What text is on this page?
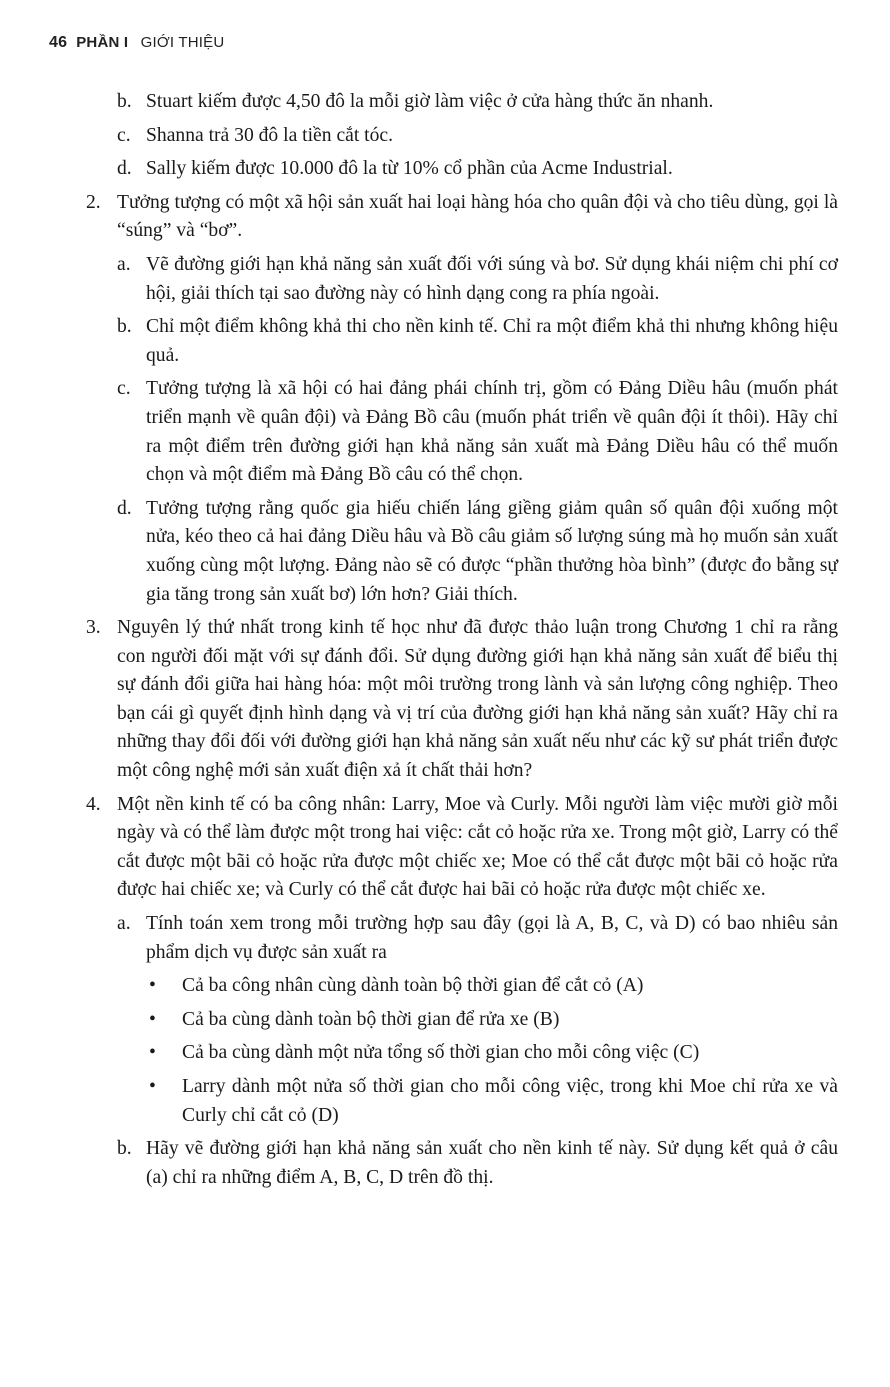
46 PHẦN I GIỚI THIỆU
b. Stuart kiếm được 4,50 đô la mỗi giờ làm việc ở cửa hàng thức ăn nhanh.
c. Shanna trả 30 đô la tiền cắt tóc.
d. Sally kiếm được 10.000 đô la từ 10% cổ phần của Acme Industrial.
2. Tưởng tượng có một xã hội sản xuất hai loại hàng hóa cho quân đội và cho tiêu dùng, gọi là “súng” và “bơ”.
a. Vẽ đường giới hạn khả năng sản xuất đối với súng và bơ. Sử dụng khái niệm chi phí cơ hội, giải thích tại sao đường này có hình dạng cong ra phía ngoài.
b. Chỉ một điểm không khả thi cho nền kinh tế. Chỉ ra một điểm khả thi nhưng không hiệu quả.
c. Tưởng tượng là xã hội có hai đảng phái chính trị, gồm có Đảng Diều hâu (muốn phát triển mạnh về quân đội) và Đảng Bồ câu (muốn phát triển về quân đội ít thôi). Hãy chỉ ra một điểm trên đường giới hạn khả năng sản xuất mà Đảng Diều hâu có thể muốn chọn và một điểm mà Đảng Bồ câu có thể chọn.
d. Tưởng tượng rằng quốc gia hiếu chiến láng giềng giảm quân số quân đội xuống một nửa, kéo theo cả hai đảng Diều hâu và Bồ câu giảm số lượng súng mà họ muốn sản xuất xuống cùng một lượng. Đảng nào sẽ có được “phần thưởng hòa bình” (được đo bằng sự gia tăng trong sản xuất bơ) lớn hơn? Giải thích.
3. Nguyên lý thứ nhất trong kinh tế học như đã được thảo luận trong Chương 1 chỉ ra rằng con người đối mặt với sự đánh đổi. Sử dụng đường giới hạn khả năng sản xuất để biểu thị sự đánh đổi giữa hai hàng hóa: một môi trường trong lành và sản lượng công nghiệp. Theo bạn cái gì quyết định hình dạng và vị trí của đường giới hạn khả năng sản xuất? Hãy chỉ ra những thay đổi đối với đường giới hạn khả năng sản xuất nếu như các kỹ sư phát triển được một công nghệ mới sản xuất điện xả ít chất thải hơn?
4. Một nền kinh tế có ba công nhân: Larry, Moe và Curly. Mỗi người làm việc mười giờ mỗi ngày và có thể làm được một trong hai việc: cắt cỏ hoặc rửa xe. Trong một giờ, Larry có thể cắt được một bãi cỏ hoặc rửa được một chiếc xe; Moe có thể cắt được một bãi cỏ hoặc rửa được hai chiếc xe; và Curly có thể cắt được hai bãi cỏ hoặc rửa được một chiếc xe.
a. Tính toán xem trong mỗi trường hợp sau đây (gọi là A, B, C, và D) có bao nhiêu sản phẩm dịch vụ được sản xuất ra
• Cả ba công nhân cùng dành toàn bộ thời gian để cắt cỏ (A)
• Cả ba cùng dành toàn bộ thời gian để rửa xe (B)
• Cả ba cùng dành một nửa tổng số thời gian cho mỗi công việc (C)
• Larry dành một nửa số thời gian cho mỗi công việc, trong khi Moe chỉ rửa xe và Curly chỉ cắt cỏ (D)
b. Hãy vẽ đường giới hạn khả năng sản xuất cho nền kinh tế này. Sử dụng kết quả ở câu (a) chỉ ra những điểm A, B, C, D trên đồ thị.
